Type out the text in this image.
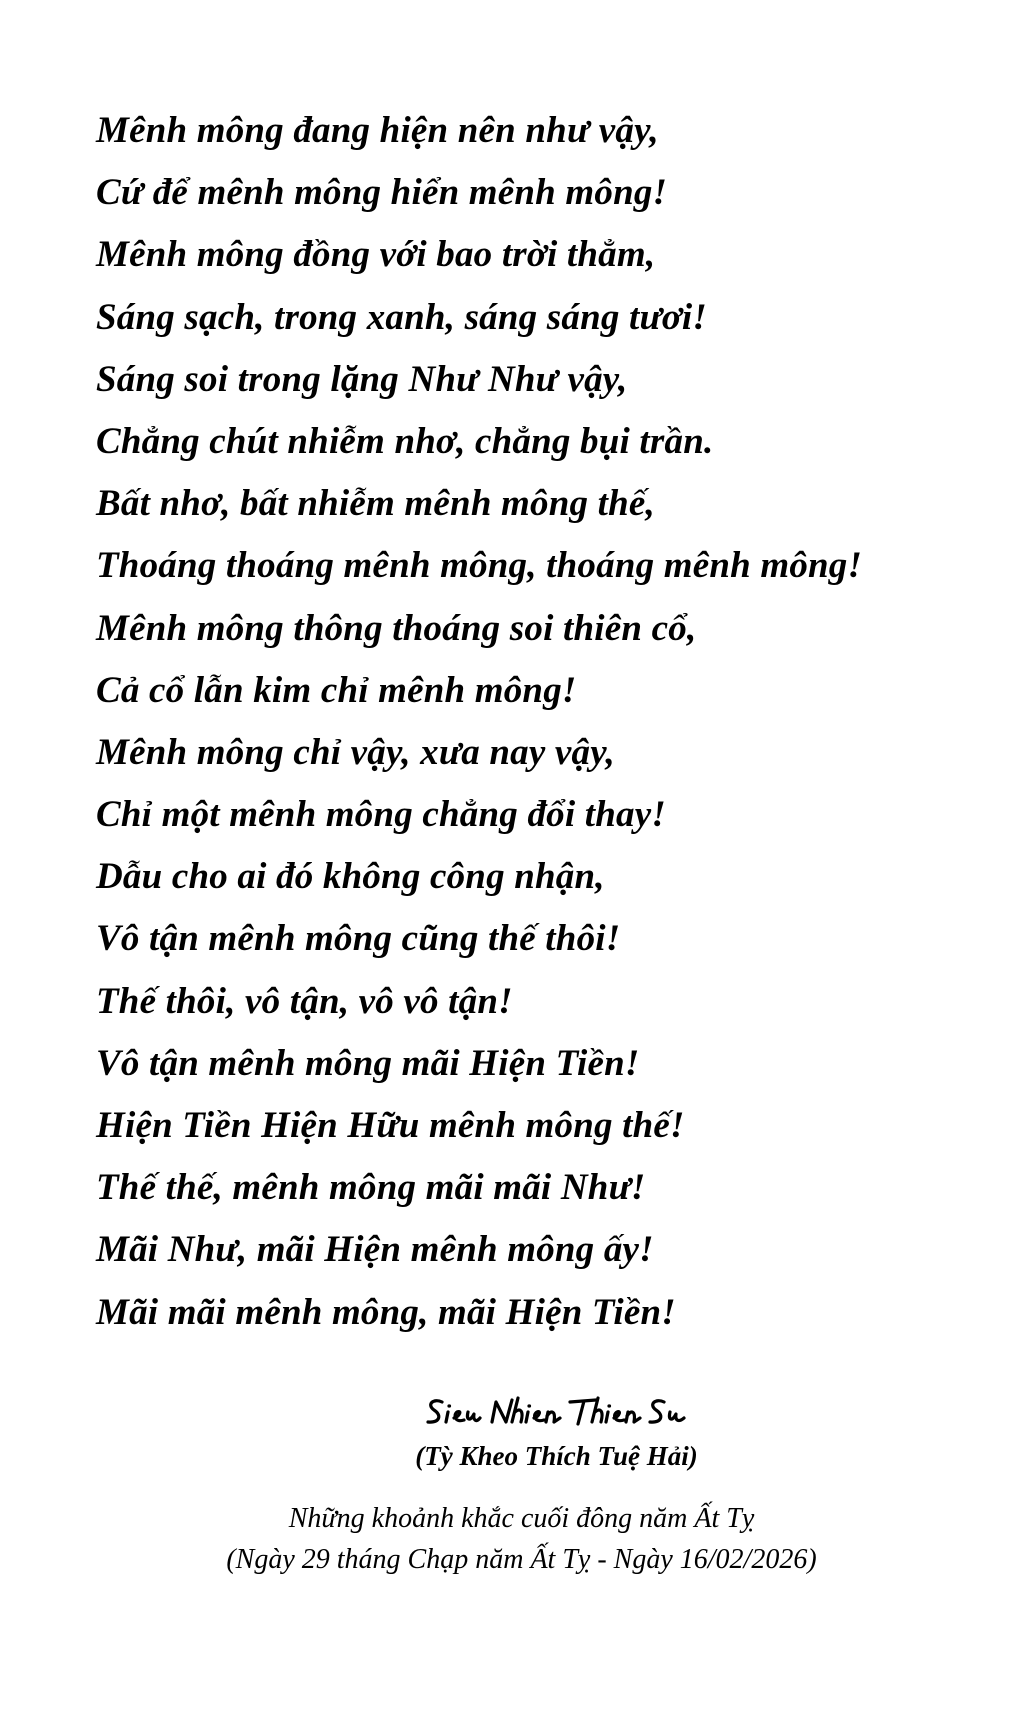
Mênh mông đang hiện nên như vậy,
Cứ để mênh mông hiển mênh mông!
Mênh mông đồng với bao trời thẳm,
Sáng sạch, trong xanh, sáng sáng tươi!
Sáng soi trong lặng Như Như vậy,
Chẳng chút nhiễm nhơ, chẳng bụi trần.
Bất nhơ, bất nhiễm mênh mông thế,
Thoáng thoáng mênh mông, thoáng mênh mông!
Mênh mông thông thoáng soi thiên cổ,
Cả cổ lẫn kim chỉ mênh mông!
Mênh mông chỉ vậy, xưa nay vậy,
Chỉ một mênh mông chẳng đổi thay!
Dẫu cho ai đó không công nhận,
Vô tận mênh mông cũng thế thôi!
Thế thôi, vô tận, vô vô tận!
Vô tận mênh mông mãi Hiện Tiền!
Hiện Tiền Hiện Hữu mênh mông thế!
Thế thế, mênh mông mãi mãi Như!
Mãi Như, mãi Hiện mênh mông ấy!
Mãi mãi mênh mông, mãi Hiện Tiền!
(Tỳ Kheo Thích Tuệ Hải)
Những khoảnh khắc cuối đông năm Ất Tỵ
(Ngày 29 tháng Chạp năm Ất Tỵ - Ngày 16/02/2026)
